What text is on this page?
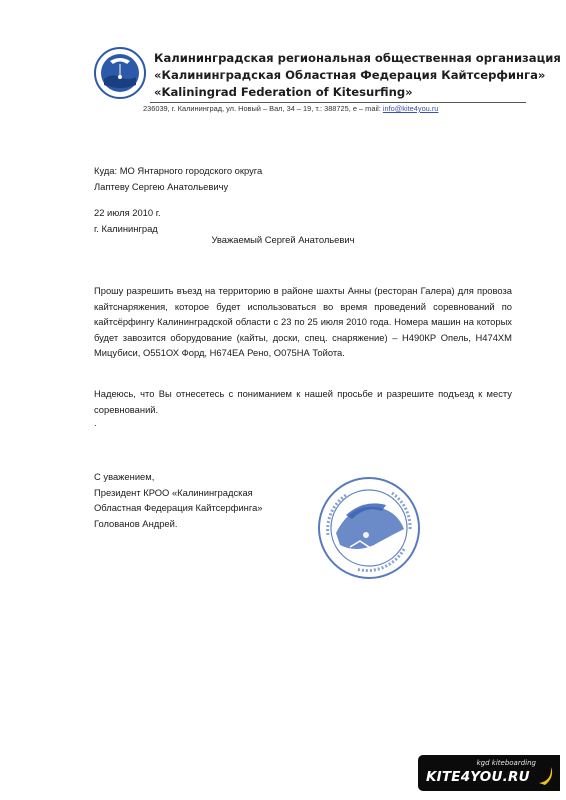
Калининградская региональная общественная организация
«Калининградская Областная Федерация Кайтсерфинга»
«Kaliningrad Federation of Kitesurfing»
236039, г. Калининград, ул. Новый – Вал, 34 – 19, т.: 388725, e – mail: info@kite4you.ru
Куда: МО Янтарного городского округа
Лаптеву Сергею Анатольевичу
22 июля 2010 г.
г. Калининград
Уважаемый Сергей Анатольевич
Прошу разрешить въезд на территорию в районе шахты Анны (ресторан Галера) для провоза кайтснаряжения, которое будет использоваться во время проведений соревнований по кайтсёрфингу Калининградской области с 23 по 25 июля 2010 года. Номера машин на которых будет завозится оборудование (кайты, доски, спец. снаряжение) – Н490КР Опель, Н474ХМ Мицубиси, О551ОХ Форд, Н674ЕА Рено, О075НА Тойота.
Надеюсь, что Вы отнесетесь с пониманием к нашей просьбе и разрешите подъезд к месту соревнований.
.
С уважением,
Президент КРОО «Калининградская
Областная Федерация Кайтсерфинга»
Голованов Андрей.
kgd kiteboarding
KITE4YOU.RU
